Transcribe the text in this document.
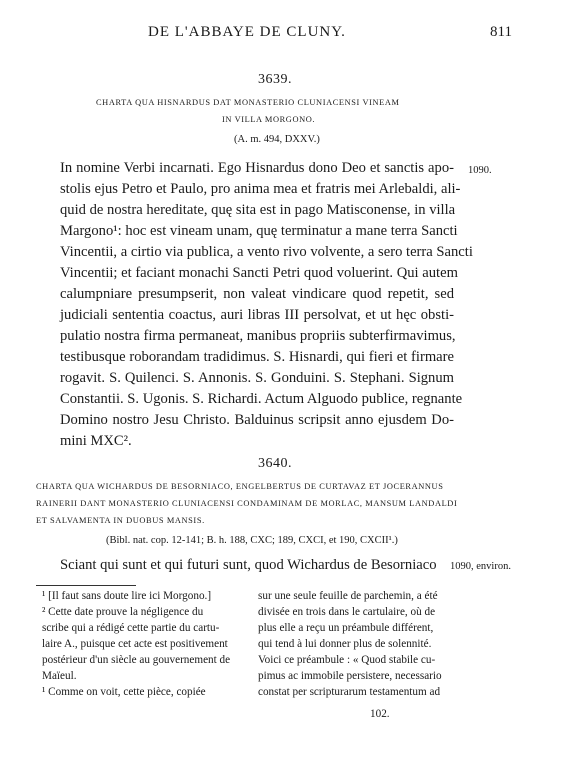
DE L'ABBAYE DE CLUNY.	811
3639.
CHARTA QUA HISNARDUS DAT MONASTERIO CLUNIACENSI VINEAM
IN VILLA MORGONO.
(A. m. 494, DXXV.)
1090.
In nomine Verbi incarnati. Ego Hisnardus dono Deo et sanctis apo-
stolis ejus Petro et Paulo, pro anima mea et fratris mei Arlebaldi, ali-
quid de nostra hereditate, quę sita est in pago Matisconense, in villa
Margono¹: hoc est vineam unam, quę terminatur a mane terra Sancti
Vincentii, a cirtio via publica, a vento rivo volvente, a sero terra Sancti
Vincentii; et faciant monachi Sancti Petri quod voluerint. Qui autem
calumpniare presumpserit, non valeat vindicare quod repetit, sed
judiciali sententia coactus, auri libras III persolvat, et ut hęc obsti-
pulatio nostra firma permaneat, manibus propriis subterfirmavimus,
testibusque roborandam tradidimus. S. Hisnardi, qui fieri et firmare
rogavit. S. Quilenci. S. Annonis. S. Gonduini. S. Stephani. Signum
Constantii. S. Ugonis. S. Richardi. Actum Alguodo publice, regnante
Domino nostro Jesu Christo. Balduinus scripsit anno ejusdem Do-
mini MXC².
3640.
CHARTA QUA WICHARDUS DE BESORNIACO, ENGELBERTUS DE CURTAVAZ ET JOCERANNUS
RAINERII DANT MONASTERIO CLUNIACENSI CONDAMINAM DE MORLAC, MANSUM LANDALDI
ET SALVAMENTA IN DUOBUS MANSIS.
(Bibl. nat. cop. 12-141; B. h. 188, CXC; 189, CXCI, et 190, CXCII¹.)
Sciant qui sunt et qui futuri sunt, quod Wichardus de Besorniaco 1090, environ.
¹ [Il faut sans doute lire ici Morgono.]
² Cette date prouve la négligence du
scribe qui a rédigé cette partie du cartu-
laire A., puisque cet acte est positivement
postérieur d'un siècle au gouvernement de
Maïeul.
¹ Comme on voit, cette pièce, copiée
sur une seule feuille de parchemin, a été
divisée en trois dans le cartulaire, où de
plus elle a reçu un préambule différent,
qui tend à lui donner plus de solennité.
Voici ce préambule : « Quod stabile cu-
pimus ac immobile persistere, necessario
constat per scripturarum testamentum ad
102.
